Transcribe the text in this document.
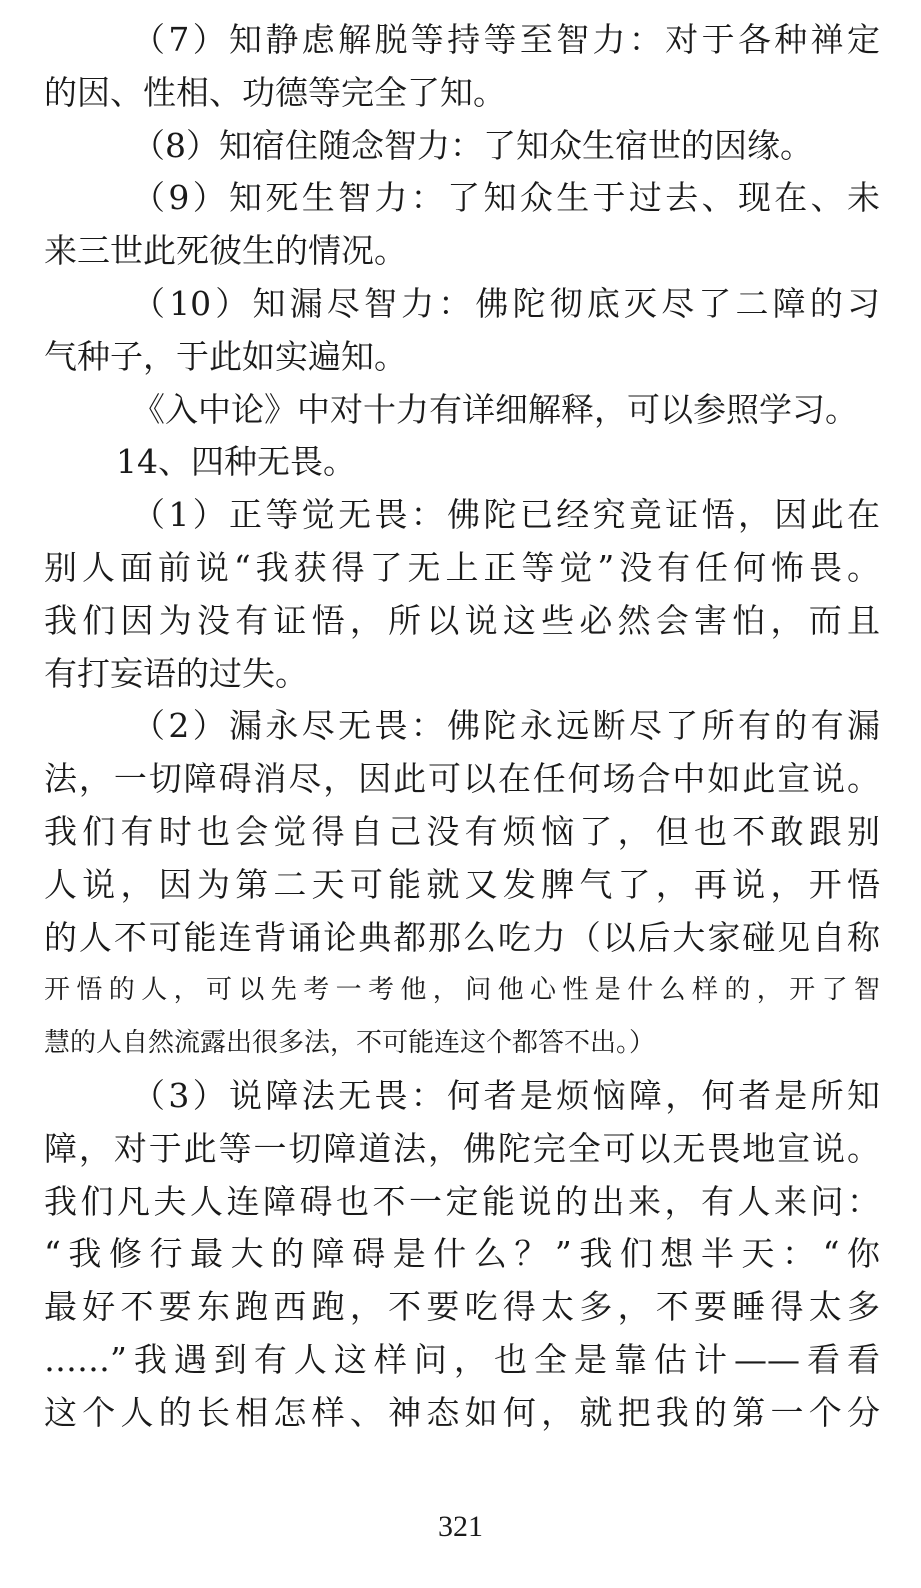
（7）知静虑解脱等持等至智力：对于各种禅定
的因、性相、功德等完全了知。
（8）知宿住随念智力：了知众生宿世的因缘。
（9）知死生智力：了知众生于过去、现在、未
来三世此死彼生的情况。
（10）知漏尽智力：佛陀彻底灭尽了二障的习
气种子，于此如实遍知。
《入中论》中对十力有详细解释，可以参照学习。
14、四种无畏。
（1）正等觉无畏：佛陀已经究竟证悟，因此在
别人面前说“我获得了无上正等觉”没有任何怖畏。
我们因为没有证悟，所以说这些必然会害怕，而且
有打妄语的过失。
（2）漏永尽无畏：佛陀永远断尽了所有的有漏
法，一切障碍消尽，因此可以在任何场合中如此宣说。
我们有时也会觉得自己没有烦恼了，但也不敢跟别
人说，因为第二天可能就又发脾气了，再说，开悟
的人不可能连背诵论典都那么吃力（以后大家碰见自称
开悟的人，可以先考一考他，问他心性是什么样的，开了智
慧的人自然流露出很多法，不可能连这个都答不出。）
（3）说障法无畏：何者是烦恼障，何者是所知
障，对于此等一切障道法，佛陀完全可以无畏地宣说。
我们凡夫人连障碍也不一定能说的出来，有人来问：
“我修行最大的障碍是什么？”我们想半天：“你
最好不要东跑西跑，不要吃得太多，不要睡得太多
……”我遇到有人这样问，也全是靠估计——看看
这个人的长相怎样、神态如何，就把我的第一个分
321
